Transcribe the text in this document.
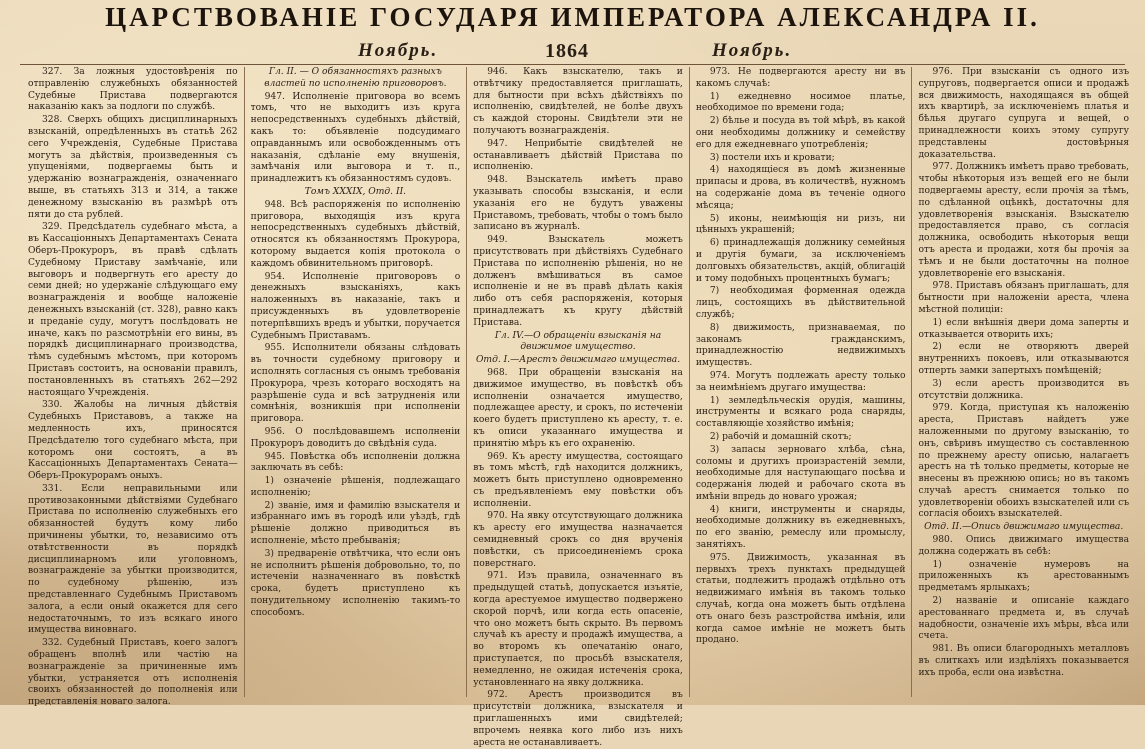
ЦАРСТВОВАНІЕ ГОСУДАРЯ ИМПЕРАТОРА АЛЕКСАНДРА II.
Ноябрь.	1864	Ноябрь.

327. За ложныя удостовѣренія по отправленію служебныхъ обязанностей Судебные Пристава подвергаются наказанію какъ за подлоги по службѣ.

328. Сверхъ общихъ дисциплинарныхъ взысканій, опредѣленныхъ въ статьѣ 262 сего Учрежденія, Судебные Пристава могутъ за дѣйствія, произведенныя съ упущеніями, подвергаемы быть и удержанію вознагражденія, означеннаго выше, въ статьяхъ 313 и 314, а также денежному взысканію въ размѣрѣ отъ пяти до ста рублей.

329. Предсѣдатель судебнаго мѣста, а въ Кассаціонныхъ Департаментахъ Сената Оберъ-Прокуроръ, въ правѣ сдѣлать Судебному Приставу замѣчаніе, или выговоръ и подвергнуть его аресту до семи дней; но удержаніе слѣдующаго ему вознагражденія и вообще наложеніе денежныхъ взысканій (ст. 328), равно какъ и преданіе суду, могутъ послѣдовать не иначе, какъ по разсмотрѣніи его вины, въ порядкѣ дисциплинарнаго производства, тѣмъ судебнымъ мѣстомъ, при которомъ Приставъ состоитъ, на основаніи правилъ, постановленныхъ въ статьяхъ 262—292 настоящаго Учрежденія.

330. Жалобы на личныя дѣйствія Судебныхъ Приставовъ, а также на медленность ихъ, приносятся Предсѣдателю того судебнаго мѣста, при которомъ они состоятъ, а въ Кассаціонныхъ Департаментахъ Сената—Оберъ-Прокурорамъ оныхъ.

331. Если неправильными или противозаконными дѣйствіями Судебнаго Пристава по исполненію служебныхъ его обязанностей будутъ кому либо причинены убытки, то, независимо отъ отвѣтственности въ порядкѣ дисциплинарномъ или уголовномъ, вознагражденіе за убытки производится, по судебному рѣшенію, изъ представленнаго Судебнымъ Приставомъ залога, а если оный окажется для сего недостаточнымъ, то изъ всякаго иного имущества виновнаго.

332. Судебный Приставъ, коего залогъ обращенъ вполнѣ или частію на вознагражденіе за причиненные имъ убытки, устраняется отъ исполненія своихъ обязанностей до пополненія или представленія новаго залога.

Гл. II. — О обязанностяхъ разныхъ властей по исполненію приговоровъ.

947. Исполненіе приговора во всемъ томъ, что не выходитъ изъ круга непосредственныхъ судебныхъ дѣйствій, какъ то: объявленіе подсудимаго оправданнымъ или освобожденнымъ отъ наказанія, сдѣланіе ему внушенія, замѣчанія или выговора и т. п., принадлежитъ къ обязанностямъ судовъ.

Томъ XXXIX, Отд. II.

948. Всѣ распоряженія по исполненію приговора, выходящія изъ круга непосредственныхъ судебныхъ дѣйствій, относятся къ обязанностямъ Прокурора, которому выдается копія протокола о каждомъ обвинительномъ приговорѣ.

954. Исполненіе приговоровъ о денежныхъ взысканіяхъ, какъ наложенныхъ въ наказаніе, такъ и присужденныхъ въ удовлетвореніе потерпѣвшихъ вредъ и убытки, поручается Судебнымъ Приставамъ.

955. Исполнители обязаны слѣдовать въ точности судебному приговору и исполнять согласныя съ онымъ требованія Прокурора, чрезъ котораго восходятъ на разрѣшеніе суда и всѣ затрудненія или сомнѣнія, возникшія при исполненіи приговора.

956. О послѣдовавшемъ исполненіи Прокуроръ доводитъ до свѣдѣнія суда.

945. Повѣстка объ исполненіи должна заключать въ себѣ:

1) означеніе рѣшенія, подлежащаго исполненію;

2) званіе, имя и фамилію взыскателя и избраннаго имъ въ городѣ или уѣздѣ, гдѣ рѣшеніе должно приводиться въ исполненіе, мѣсто пребыванія;

3) предвареніе отвѣтчика, что если онъ не исполнитъ рѣшенія добровольно, то, по истеченіи назначеннаго въ повѣсткѣ срока, будетъ приступлено къ понудительному исполненію такимъ-то способомъ.

946. Какъ взыскателю, такъ и отвѣтчику предоставляется приглашать, для бытности при всѣхъ дѣйствіяхъ по исполненію, свидѣтелей, не болѣе двухъ съ каждой стороны. Свидѣтели эти не получаютъ вознагражденія.

947. Неприбытіе свидѣтелей не останавливаетъ дѣйствій Пристава по исполненію.

948. Взыскатель имѣетъ право указывать способы взысканія, и если указанія его не будутъ уважены Приставомъ, требовать, чтобы о томъ было записано въ журналѣ.

949. Взыскатель можетъ присутствовать при дѣйствіяхъ Судебнаго Пристава по исполненію рѣшенія, но не долженъ вмѣшиваться въ самое исполненіе и не въ правѣ дѣлать какія либо отъ себя распоряженія, которыя принадлежатъ къ кругу дѣйствій Пристава.

Гл. IV.—О обращеніи взысканія на движимое имущество.

Отд. I.—Арестъ движимаго имущества.

968. При обращеніи взысканія на движимое имущество, въ повѣсткѣ объ исполненіи означается имущество, подлежащее аресту, и срокъ, по истеченіи коего будетъ приступлено къ аресту, т. е. къ описи указаннаго имущества и принятію мѣръ къ его охраненію.

969. Къ аресту имущества, состоящаго въ томъ мѣстѣ, гдѣ находится должникъ, можетъ быть приступлено одновременно съ предъявленіемъ ему повѣстки объ исполненіи.

970. На явку отсутствующаго должника къ аресту его имущества назначается семидневный срокъ со дня врученія повѣстки, съ присоединеніемъ срока поверстнаго.

971. Изъ правила, означеннаго въ предыдущей статьѣ, допускается изъятіе, когда арестуемое имущество подвержено скорой порчѣ, или когда есть опасеніе, что оно можетъ быть скрыто. Въ первомъ случаѣ къ аресту и продажѣ имущества, а во второмъ къ опечатанію онаго, приступается, по просьбѣ взыскателя, немедленно, не ожидая истеченія срока, установленнаго на явку должника.

972. Арестъ производится въ присутствіи должника, взыскателя и приглашенныхъ ими свидѣтелей; впрочемъ неявка кого либо изъ нихъ ареста не останавливаетъ.

973. Не подвергаются аресту ни въ какомъ случаѣ:

1) ежедневно носимое платье, необходимое по времени года;

2) бѣлье и посуда въ той мѣрѣ, въ какой они необходимы должнику и семейству его для ежедневнаго употребленія;

3) постели ихъ и кровати;

4) находящіеся въ домѣ жизненные припасы и дрова, въ количествѣ, нужномъ на содержаніе дома въ теченіе одного мѣсяца;

5) иконы, неимѣющія ни ризъ, ни цѣнныхъ украшеній;

6) принадлежащія должнику семейныя и другія бумаги, за исключеніемъ долговыхъ обязательствъ, акцій, облигацій и тому подобныхъ процентныхъ бумагъ;

7) необходимая форменная одежда лицъ, состоящихъ въ дѣйствительной службѣ;

8) движимость, признаваемая, по законамъ гражданскимъ, принадлежностію недвижимыхъ имуществъ.

974. Могутъ подлежать аресту только за неимѣніемъ другаго имущества:

1) земледѣльческія орудія, машины, инструменты и всякаго рода снаряды, составляющіе хозяйство имѣнія;

2) рабочій и домашній скотъ;

3) запасы зерноваго хлѣба, сѣна, соломы и другихъ произрастеній земли, необходимые для наступающаго посѣва и содержанія людей и рабочаго скота въ имѣніи впредь до новаго урожая;

4) книги, инструменты и снаряды, необходимые должнику въ ежедневныхъ, по его званію, ремеслу или промыслу, занятіяхъ.

975. Движимость, указанная въ первыхъ трехъ пунктахъ предыдущей статьи, подлежитъ продажѣ отдѣльно отъ недвижимаго имѣнія въ такомъ только случаѣ, когда она можетъ быть отдѣлена отъ онаго безъ разстройства имѣнія, или когда самое имѣніе не можетъ быть продано.

976. При взысканіи съ одного изъ супруговъ, подвергается описи и продажѣ вся движимость, находящаяся въ общей ихъ квартирѣ, за исключеніемъ платья и бѣлья другаго супруга и вещей, о принадлежности коихъ этому супругу представлены достовѣрныя доказательства.

977. Должникъ имѣетъ право требовать, чтобы нѣкоторыя изъ вещей его не были подвергаемы аресту, если прочія за тѣмъ, по сдѣланной оцѣнкѣ, достаточны для удовлетворенія взысканія. Взыскателю предоставляется право, съ согласія должника, освободить нѣкоторыя вещи отъ ареста и продажи, хотя бы прочія за тѣмъ и не были достаточны на полное удовлетвореніе его взысканія.

978. Приставъ обязанъ приглашать, для бытности при наложеніи ареста, члена мѣстной полиціи:

1) если внѣшнія двери дома заперты и отказывается отворить ихъ;

2) если не отворяютъ дверей внутреннихъ покоевъ, или отказываются отперть замки запертыхъ помѣщеній;

3) если арестъ производится въ отсутствіи должника.

979. Когда, приступая къ наложенію ареста, Приставъ найдетъ уже наложенными по другому взысканію, то онъ, свѣривъ имущество съ составленною по прежнему аресту описью, налагаетъ арестъ на тѣ только предметы, которые не внесены въ прежнюю опись; но въ такомъ случаѣ арестъ снимается только по удовлетвореніи обоихъ взыскателей или съ согласія обоихъ взыскателей.

Отд. II.—Опись движимаго имущества.

980. Опись движимаго имущества должна содержать въ себѣ:

1) означеніе нумеровъ на приложенныхъ къ арестованнымъ предметамъ ярлыкахъ;

2) названіе и описаніе каждаго арестованнаго предмета и, въ случаѣ надобности, означеніе ихъ мѣры, вѣса или счета.

981. Въ описи благородныхъ металловъ въ слиткахъ или издѣліяхъ показывается ихъ проба, если она извѣстна.
